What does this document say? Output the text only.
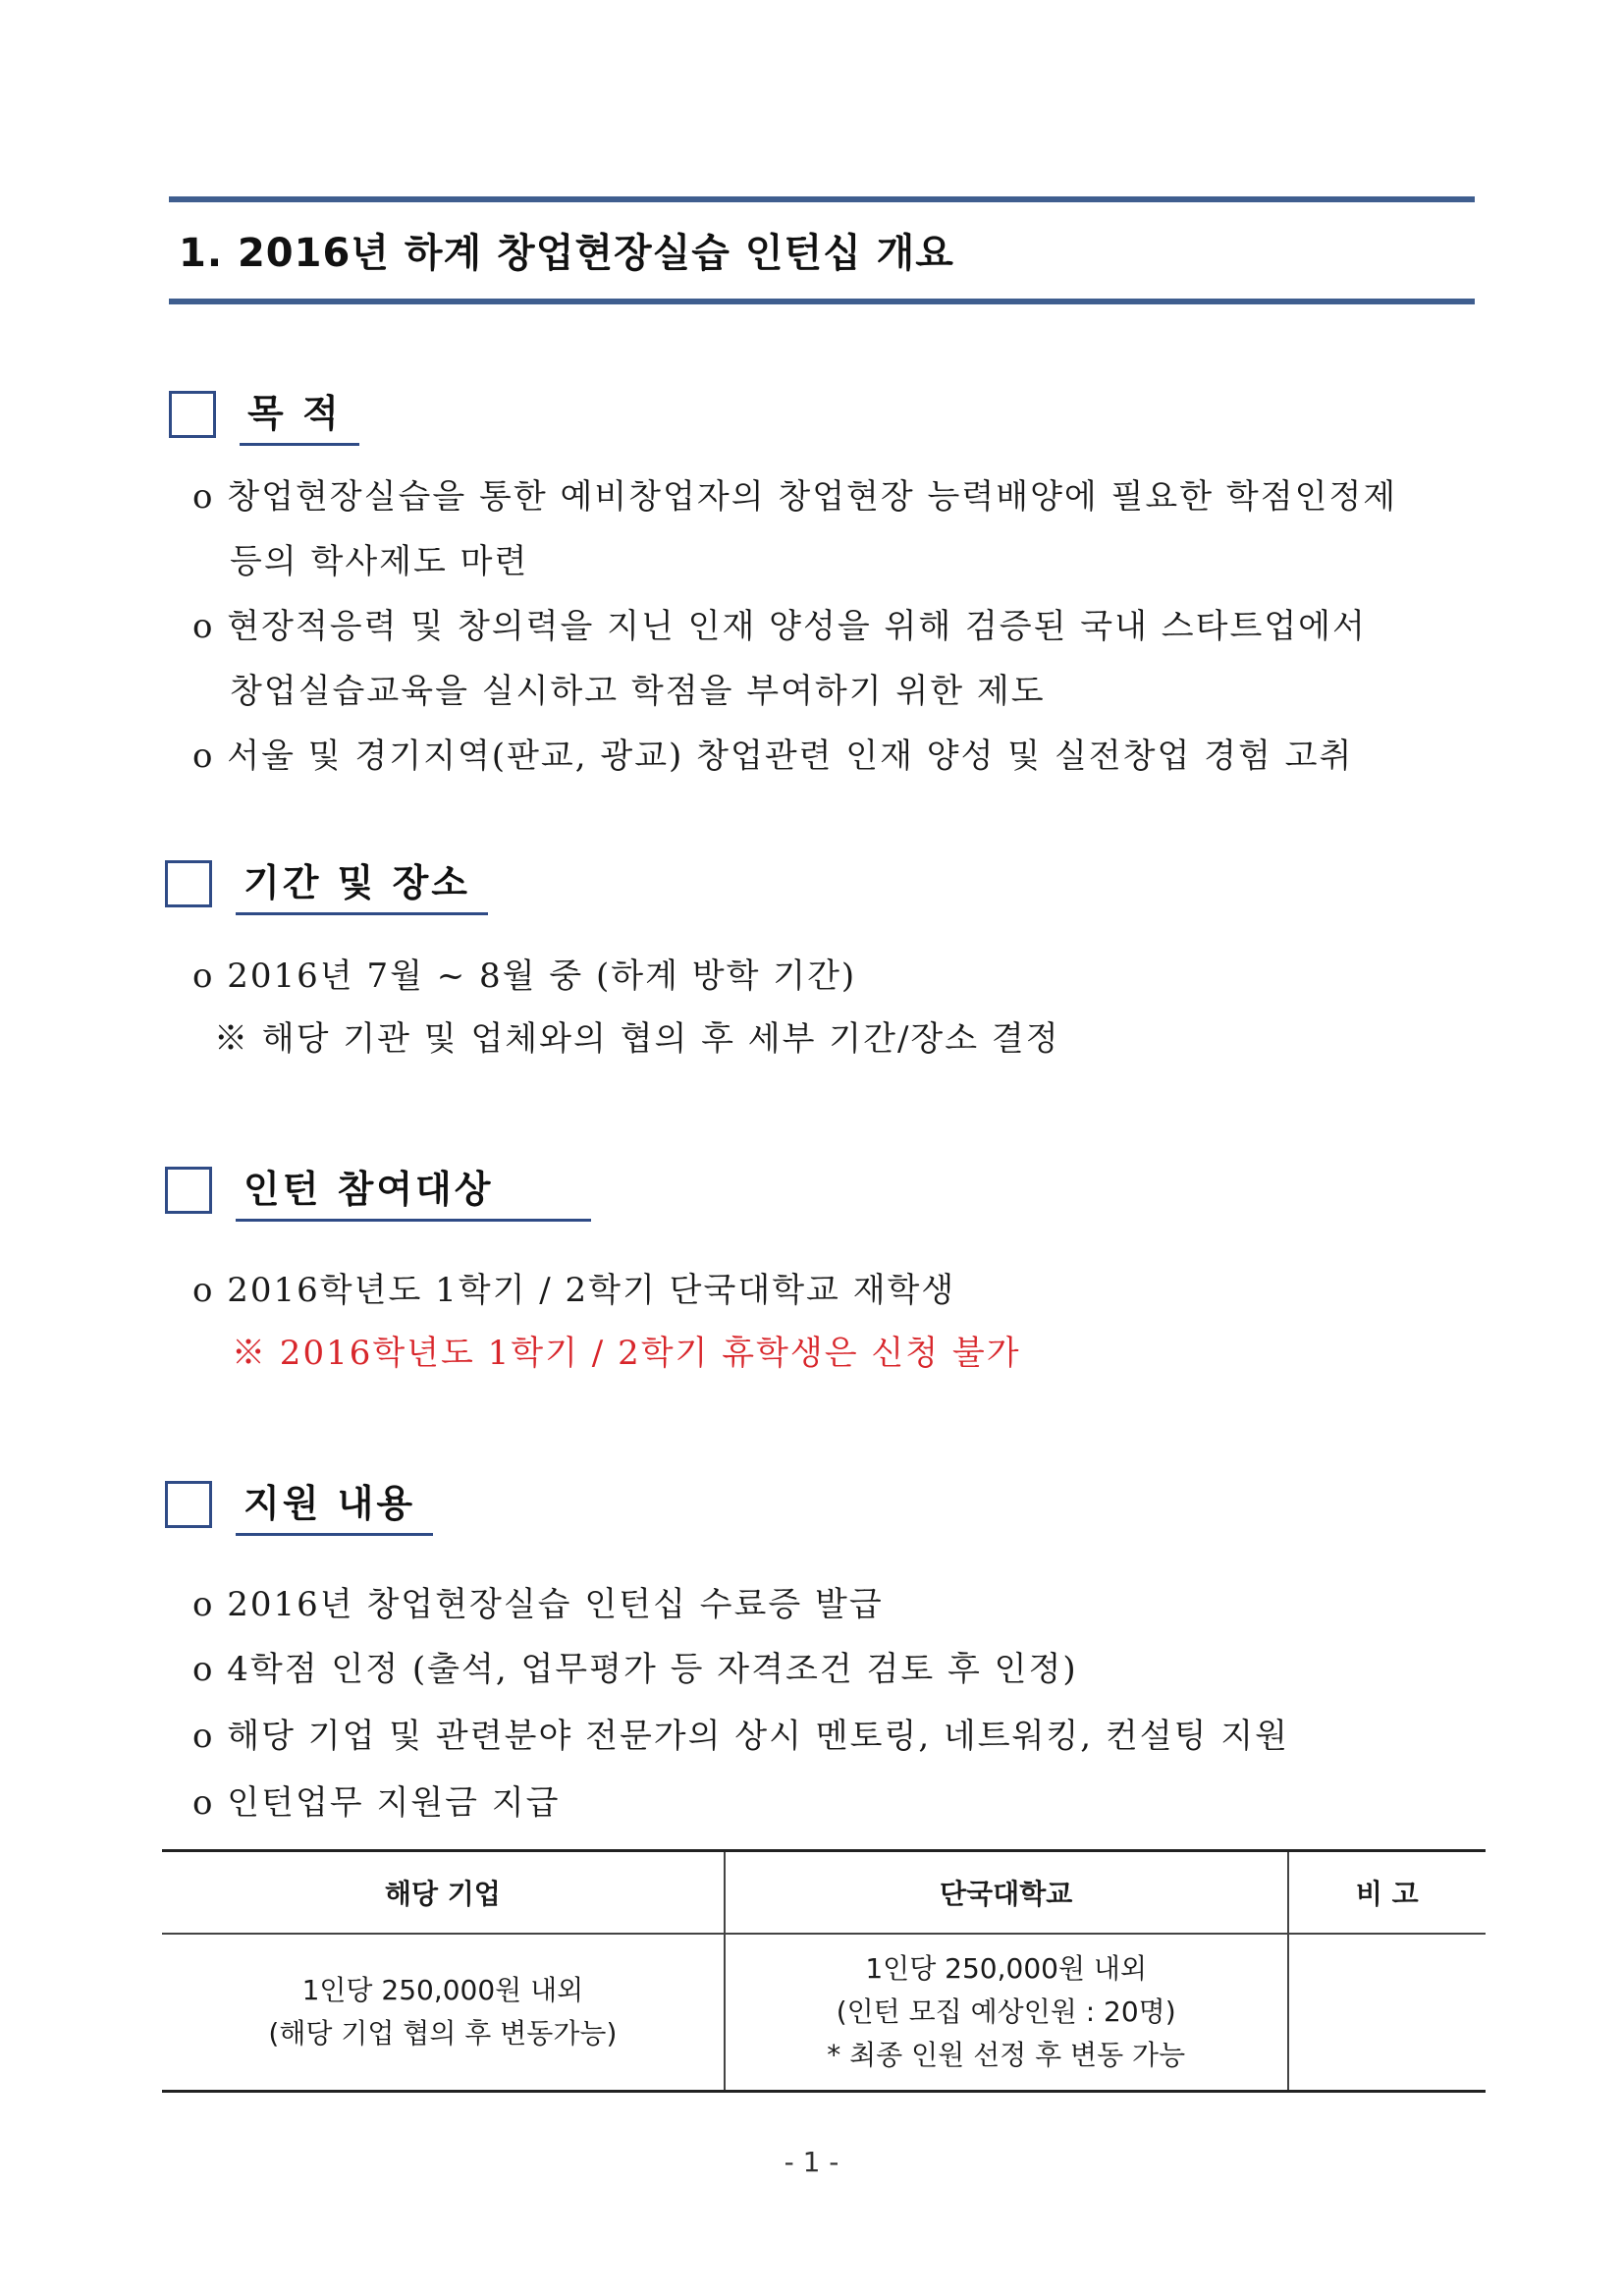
1. 2016년 하계 창업현장실습 인턴십 개요
목 적
o 창업현장실습을 통한 예비창업자의 창업현장 능력배양에 필요한 학점인정제
등의 학사제도 마련
o 현장적응력 및 창의력을 지닌 인재 양성을 위해 검증된 국내 스타트업에서
창업실습교육을 실시하고 학점을 부여하기 위한 제도
o 서울 및 경기지역(판교, 광교) 창업관련 인재 양성 및 실전창업 경험 고취
기간 및 장소
o 2016년 7월 ~ 8월 중 (하계 방학 기간)
※ 해당 기관 및 업체와의 협의 후 세부 기간/장소 결정
인턴 참여대상
o 2016학년도 1학기 / 2학기 단국대학교 재학생
※ 2016학년도 1학기 / 2학기 휴학생은 신청 불가
지원 내용
o 2016년 창업현장실습 인턴십 수료증 발급
o 4학점 인정 (출석, 업무평가 등 자격조건 검토 후 인정)
o 해당 기업 및 관련분야 전문가의 상시 멘토링, 네트워킹, 컨설팅 지원
o 인턴업무 지원금 지급
해당 기업	단국대학교	비 고

1인당 250,000원 내외
(해당 기업 협의 후 변동가능)	1인당 250,000원 내외
(인턴 모집 예상인원 : 20명)
* 최종 인원 선정 후 변동 가능	

- 1 -
